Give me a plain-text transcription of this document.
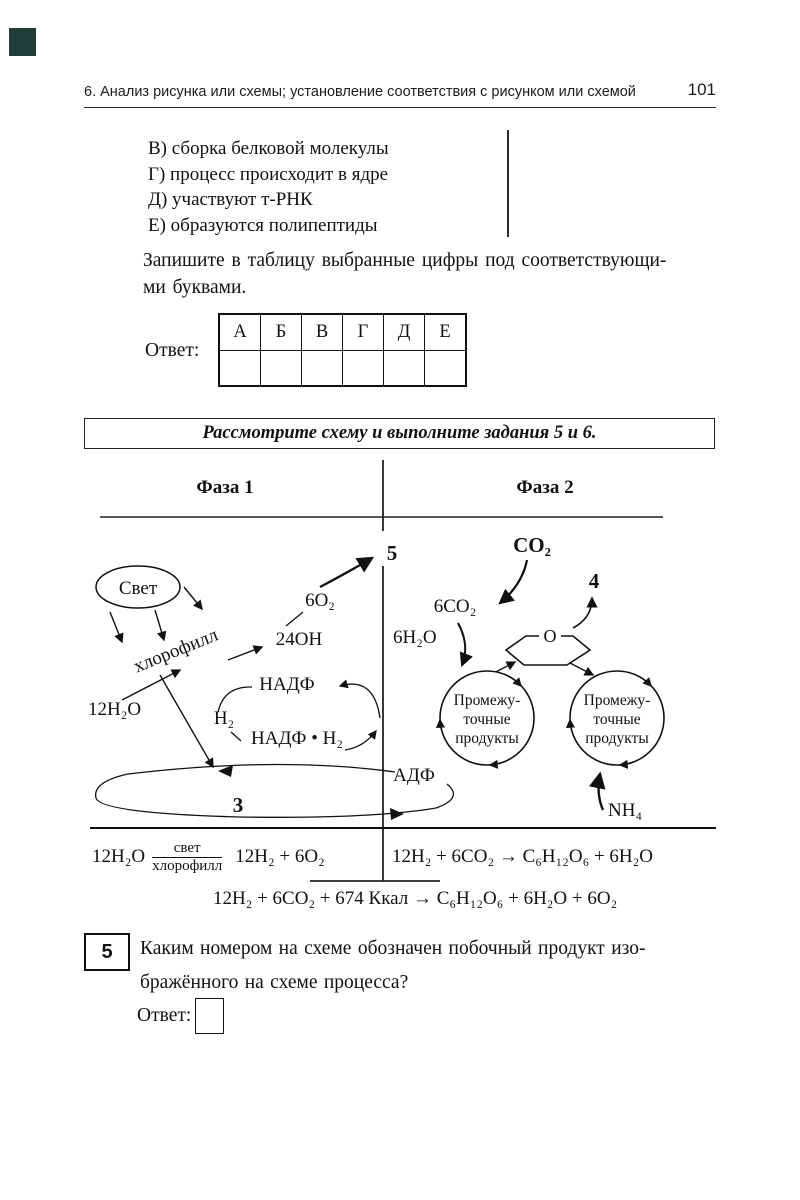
6. Анализ рисунка или схемы; установление соответствия с рисунком или схемой	101
В) сборка белковой молекулы
Г) процесс происходит в ядре
Д) участвуют т-РНК
Е) образуются полипептиды
Запишите в таблицу выбранные цифры под соответствующи-
ми буквами.
Ответ:
А	Б	В	Г	Д	Е

Рассмотрите схему и выполните задания 5 и 6.
Фаза 1	Фаза 2
5
4
3
Свет
хлорофилл
12H₂O
24ОН
6O₂
НАДФ
Н₂
НАДФ • Н₂
АДФ
CO₂
6CO₂
6H₂O	O
Промежу-
точные
продукты
Промежу-
точные
продукты
NH₄
$12H_2O \frac{\text{свет}}{\text{хлорофилл}} 12H_2 + 6O_2$	12H₂ + 6CO₂ → C₆H₁₂O₆ + 6H₂O
12H₂ + 6CO₂ + 674 Ккал → C₆H₁₂O₆ + 6H₂O + 6O₂
5	Каким номером на схеме обозначен побочный продукт изо-
бражённого на схеме процесса?
Ответ:
